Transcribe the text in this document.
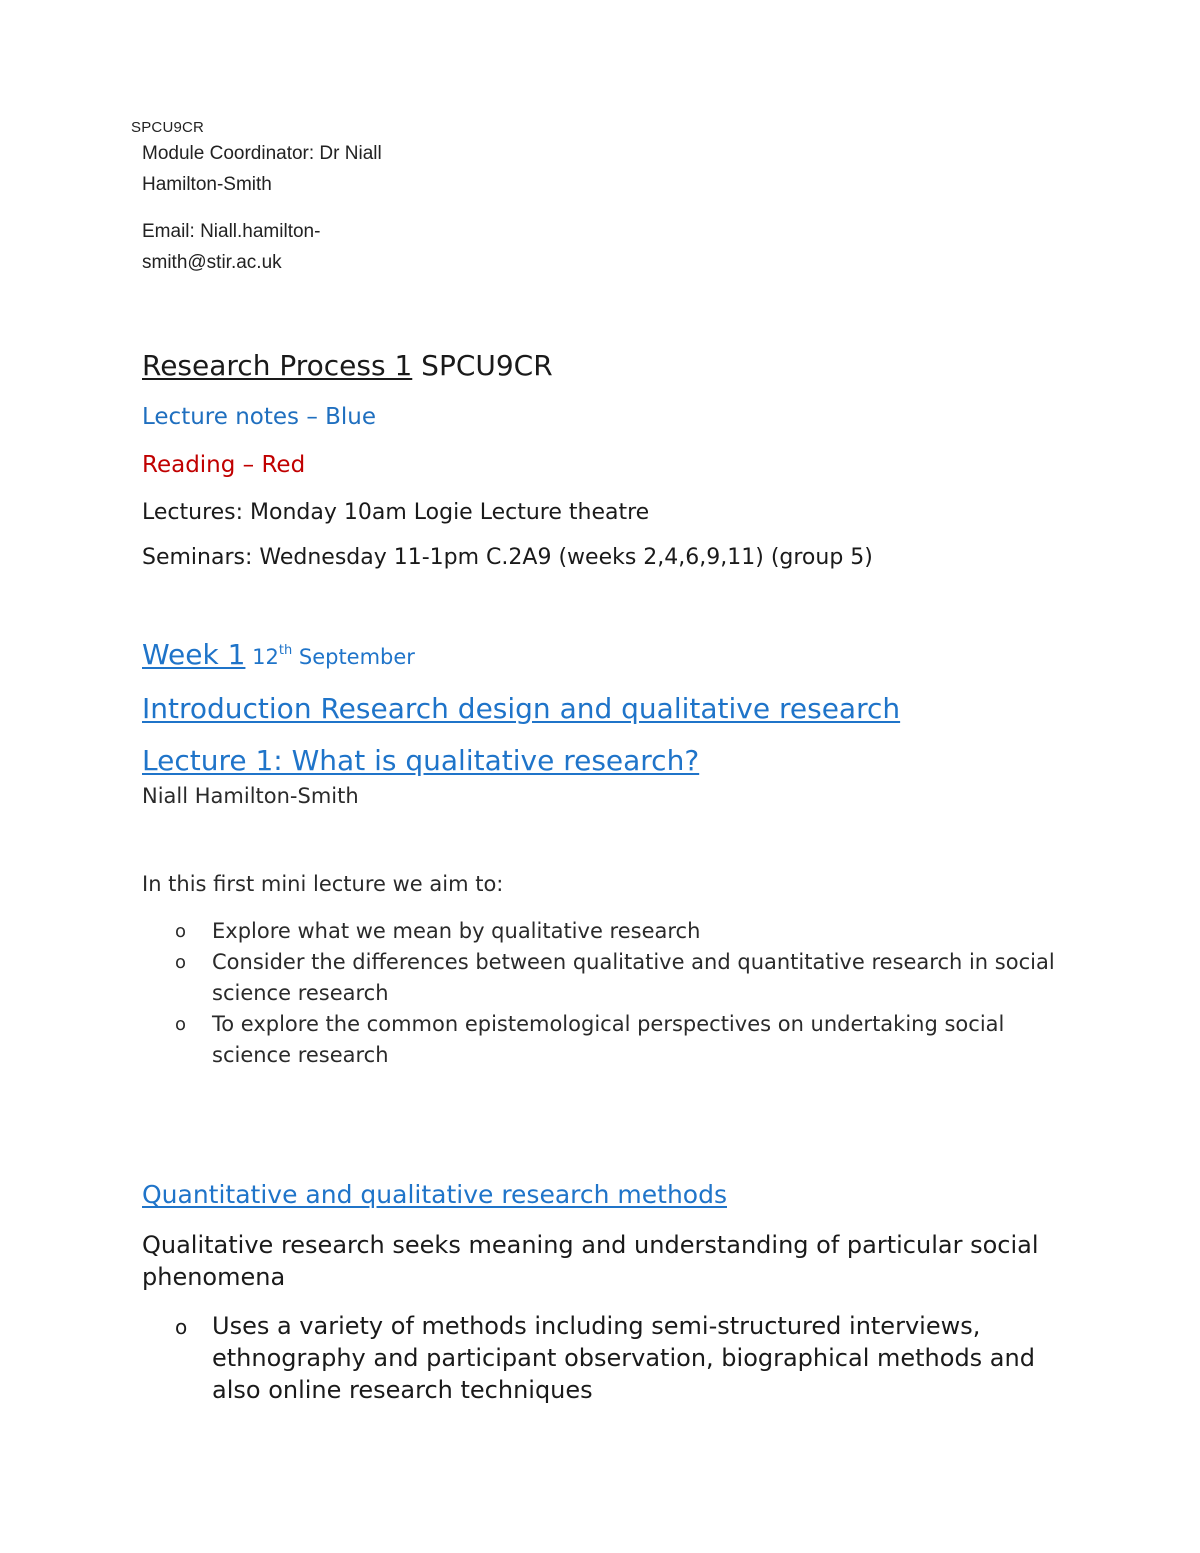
SPCU9CR
Module Coordinator: Dr Niall
Hamilton-Smith
Email: Niall.hamilton-
smith@stir.ac.uk
Research Process 1 SPCU9CR
Lecture notes – Blue
Reading – Red
Lectures: Monday 10am Logie Lecture theatre
Seminars: Wednesday 11-1pm C.2A9 (weeks 2,4,6,9,11) (group 5)
Week 1 12th September
Introduction Research design and qualitative research
Lecture 1: What is qualitative research?
Niall Hamilton-Smith
In this first mini lecture we aim to:
o Explore what we mean by qualitative research
o Consider the differences between qualitative and quantitative research in social science research
o To explore the common epistemological perspectives on undertaking social science research
Quantitative and qualitative research methods
Qualitative research seeks meaning and understanding of particular social phenomena
o Uses a variety of methods including semi-structured interviews, ethnography and participant observation, biographical methods and also online research techniques
